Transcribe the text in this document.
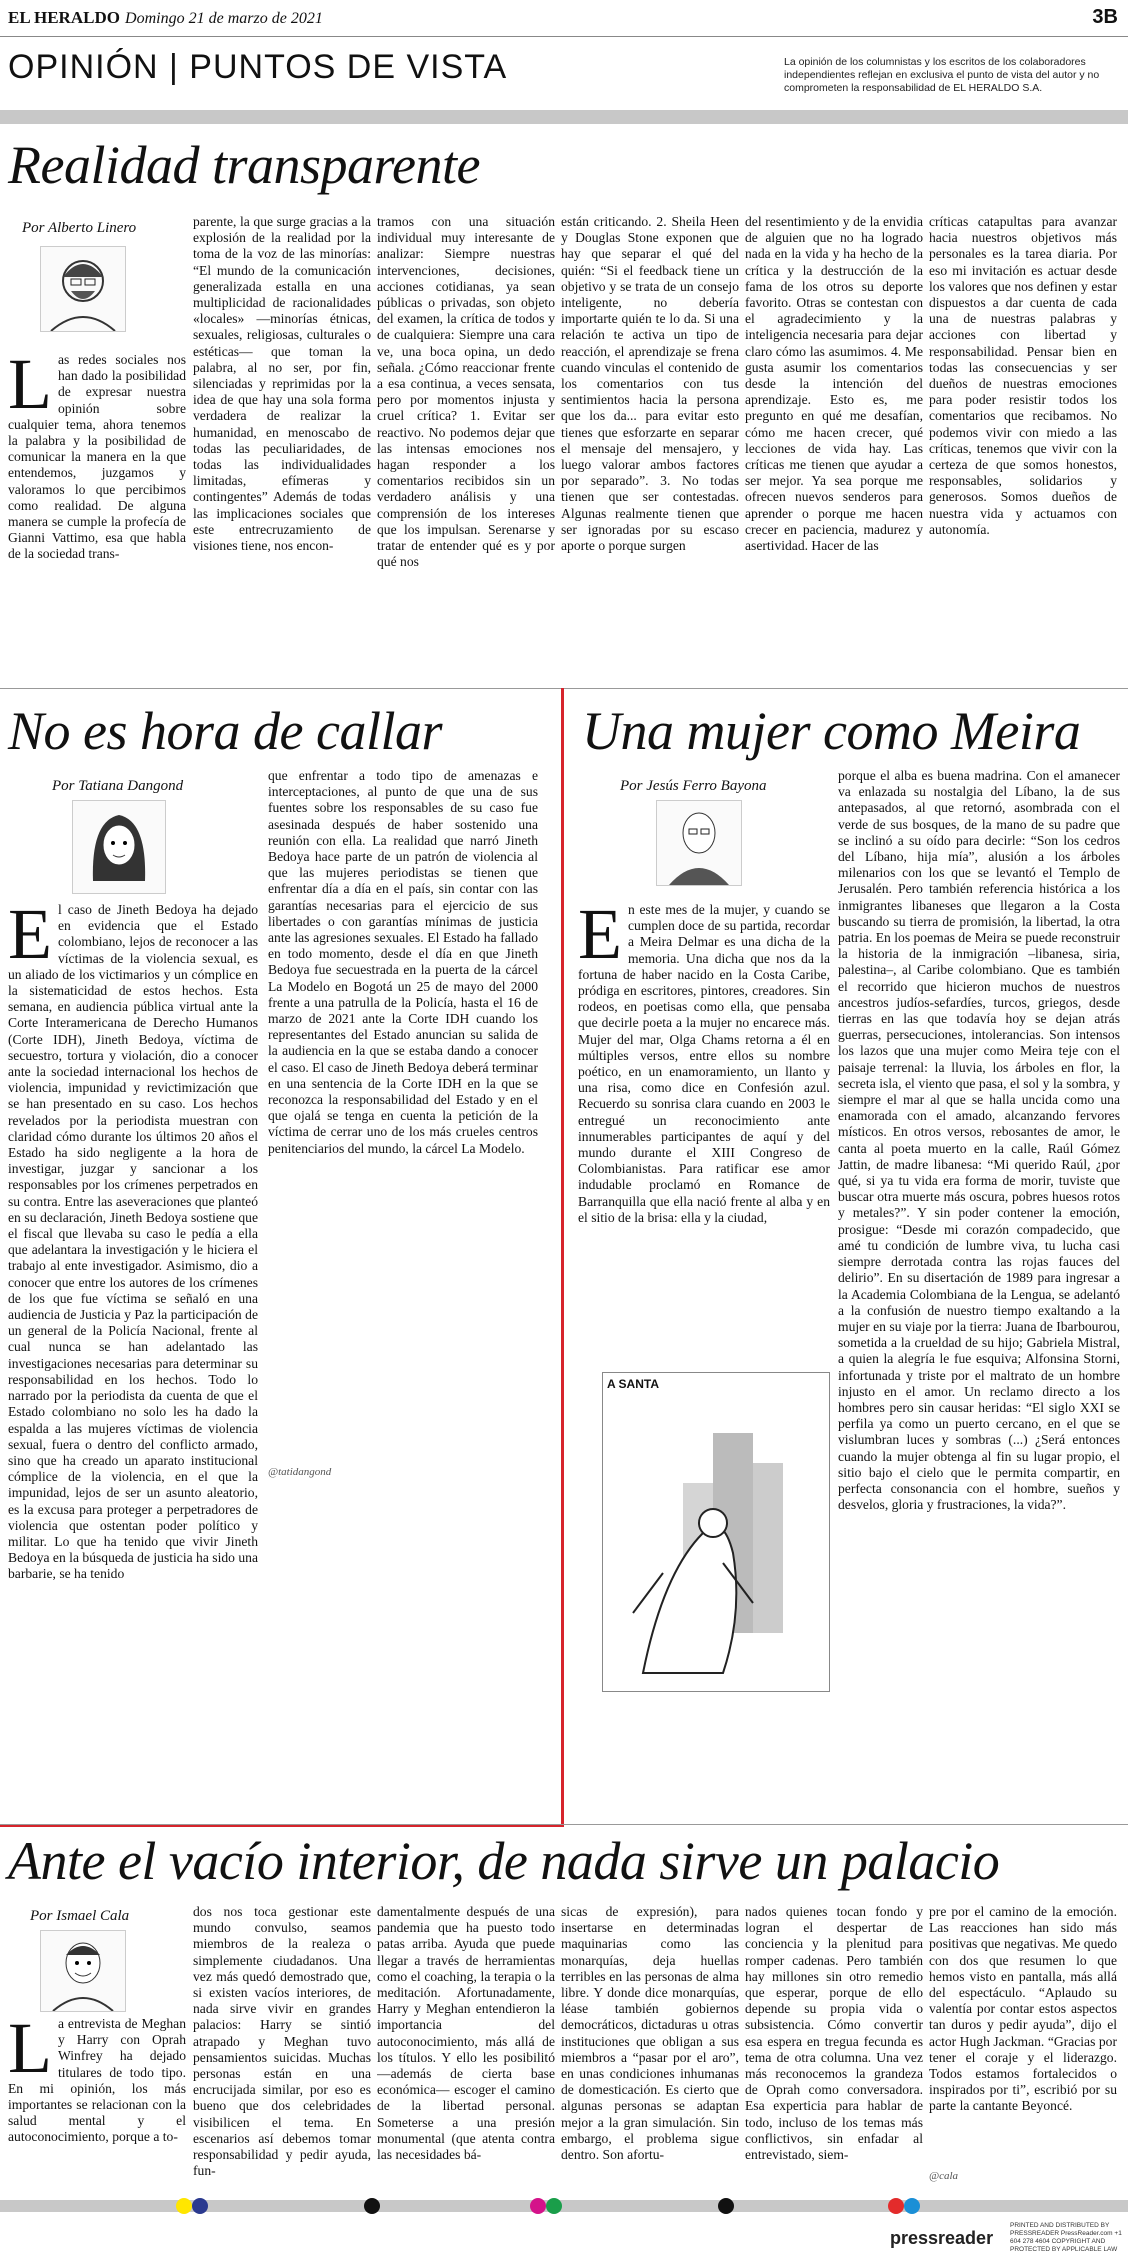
EL HERALDO Domingo 21 de marzo de 2021	3B
OPINIÓN | PUNTOS DE VISTA	La opinión de los columnistas y los escritos de los colaboradores independientes reflejan en exclusiva el punto de vista del autor y no comprometen la responsabilidad de EL HERALDO S.A.
Realidad transparente
Por Alberto Linero
Las redes sociales nos han dado la posibilidad de expresar nuestra opinión sobre cualquier tema, ahora tenemos la palabra y la posibilidad de comunicar la manera en la que entendemos, juzgamos y valoramos lo que percibimos como realidad. De alguna manera se cumple la profecía de Gianni Vattimo, esa que habla de la sociedad trans-
parente, la que surge gracias a la explosión de la realidad por la toma de la voz de las minorías: “El mundo de la comunicación generalizada estalla en una multiplicidad de racionalidades «locales» —minorías étnicas, sexuales, religiosas, culturales o estéticas— que toman la palabra, al no ser, por fin, silenciadas y reprimidas por la idea de que hay una sola forma verdadera de realizar la humanidad, en menoscabo de todas las peculiaridades, de todas las individualidades limitadas, efímeras y contingentes” Además de todas las implicaciones sociales que este entrecruzamiento de visiones tiene, nos encon-
tramos con una situación individual muy interesante de analizar: Siempre nuestras intervenciones, decisiones, acciones cotidianas, ya sean públicas o privadas, son objeto del examen, la crítica de todos y de cualquiera: Siempre una cara ve, una boca opina, un dedo señala. ¿Cómo reaccionar frente a esa continua, a veces sensata, pero por momentos injusta y cruel crítica? 1. Evitar ser reactivo. No podemos dejar que las intensas emociones nos hagan responder a los comentarios recibidos sin un verdadero análisis y una comprensión de los intereses que los impulsan. Serenarse y tratar de entender qué es y por qué nos
están criticando. 2. Sheila Heen y Douglas Stone exponen que hay que separar el qué del quién: “Si el feedback tiene un objetivo y se trata de un consejo inteligente, no debería importarte quién te lo da. Si una relación te activa un tipo de reacción, el aprendizaje se frena cuando vinculas el contenido de los comentarios con tus sentimientos hacia la persona que los da... para evitar esto tienes que esforzarte en separar el mensaje del mensajero, y luego valorar ambos factores por separado”. 3. No todas tienen que ser contestadas. Algunas realmente tienen que ser ignoradas por su escaso aporte o porque surgen
del resentimiento y de la envidia de alguien que no ha logrado nada en la vida y ha hecho de la crítica y la destrucción de la fama de los otros su deporte favorito. Otras se contestan con el agradecimiento y la inteligencia necesaria para dejar claro cómo las asumimos. 4. Me gusta asumir los comentarios desde la intención del aprendizaje. Esto es, me pregunto en qué me desafían, cómo me hacen crecer, qué lecciones de vida hay. Las críticas me tienen que ayudar a ser mejor. Ya sea porque me ofrecen nuevos senderos para aprender o porque me hacen crecer en paciencia, madurez y asertividad. Hacer de las
críticas catapultas para avanzar hacia nuestros objetivos más personales es la tarea diaria. Por eso mi invitación es actuar desde los valores que nos definen y estar dispuestos a dar cuenta de cada una de nuestras palabras y acciones con libertad y responsabilidad. Pensar bien en todas las consecuencias y ser dueños de nuestras emociones para poder resistir todos los comentarios que recibamos. No podemos vivir con miedo a las críticas, tenemos que vivir con la certeza de que somos honestos, responsables, solidarios y generosos. Somos dueños de nuestra vida y actuamos con autonomía.
No es hora de callar
Por Tatiana Dangond
El caso de Jineth Bedoya ha dejado en evidencia que el Estado colombiano, lejos de reconocer a las víctimas de la violencia sexual, es un aliado de los victimarios y un cómplice en la sistematicidad de estos hechos. Esta semana, en audiencia pública virtual ante la Corte Interamericana de Derecho Humanos (Corte IDH), Jineth Bedoya, víctima de secuestro, tortura y violación, dio a conocer ante la sociedad internacional los hechos de violencia, impunidad y revictimización que se han presentado en su caso. Los hechos revelados por la periodista muestran con claridad cómo durante los últimos 20 años el Estado ha sido negligente a la hora de investigar, juzgar y sancionar a los responsables por los crímenes perpetrados en su contra. Entre las aseveraciones que planteó en su declaración, Jineth Bedoya sostiene que el fiscal que llevaba su caso le pedía a ella que adelantara la investigación y le hiciera el trabajo al ente investigador. Asimismo, dio a conocer que entre los autores de los crímenes de los que fue víctima se señaló en una audiencia de Justicia y Paz la participación de un general de la Policía Nacional, frente al cual nunca se han adelantado las investigaciones necesarias para determinar su responsabilidad en los hechos. Todo lo narrado por la periodista da cuenta de que el Estado colombiano no solo les ha dado la espalda a las mujeres víctimas de violencia sexual, fuera o dentro del conflicto armado, sino que ha creado un aparato institucional cómplice de la violencia, en el que la impunidad, lejos de ser un asunto aleatorio, es la excusa para proteger a perpetradores de violencia que ostentan poder político y militar. Lo que ha tenido que vivir Jineth Bedoya en la búsqueda de justicia ha sido una barbarie, se ha tenido
que enfrentar a todo tipo de amenazas e interceptaciones, al punto de que una de sus fuentes sobre los responsables de su caso fue asesinada después de haber sostenido una reunión con ella. La realidad que narró Jineth Bedoya hace parte de un patrón de violencia al que las mujeres periodistas se tienen que enfrentar día a día en el país, sin contar con las garantías necesarias para el ejercicio de sus libertades o con garantías mínimas de justicia ante las agresiones sexuales. El Estado ha fallado en todo momento, desde el día en que Jineth Bedoya fue secuestrada en la puerta de la cárcel La Modelo en Bogotá un 25 de mayo del 2000 frente a una patrulla de la Policía, hasta el 16 de marzo de 2021 ante la Corte IDH cuando los representantes del Estado anuncian su salida de la audiencia en la que se estaba dando a conocer el caso. El caso de Jineth Bedoya deberá terminar en una sentencia de la Corte IDH en la que se reconozca la responsabilidad del Estado y en el que ojalá se tenga en cuenta la petición de la víctima de cerrar uno de los más crueles centros penitenciarios del mundo, la cárcel La Modelo.
@tatidangond
Una mujer como Meira
Por Jesús Ferro Bayona
En este mes de la mujer, y cuando se cumplen doce de su partida, recordar a Meira Delmar es una dicha de la memoria. Una dicha que nos da la fortuna de haber nacido en la Costa Caribe, pródiga en escritores, pintores, creadores. Sin rodeos, en poetisas como ella, que pensaba que decirle poeta a la mujer no encarece más. Mujer del mar, Olga Chams retorna a él en múltiples versos, entre ellos su nombre poético, en un enamoramiento, un llanto y una risa, como dice en Confesión azul. Recuerdo su sonrisa clara cuando en 2003 le entregué un reconocimiento ante innumerables participantes de aquí y del mundo durante el XIII Congreso de Colombianistas. Para ratificar ese amor indudable proclamó en Romance de Barranquilla que ella nació frente al alba y en el sitio de la brisa: ella y la ciudad,
porque el alba es buena madrina. Con el amanecer va enlazada su nostalgia del Líbano, la de sus antepasados, al que retornó, asombrada con el verde de sus bosques, de la mano de su padre que se inclinó a su oído para decirle: “Son los cedros del Líbano, hija mía”, alusión a los árboles milenarios con los que se levantó el Templo de Jerusalén. Pero también referencia histórica a los inmigrantes libaneses que llegaron a la Costa buscando su tierra de promisión, la libertad, la otra patria. En los poemas de Meira se puede reconstruir la historia de la inmigración –libanesa, siria, palestina–, al Caribe colombiano. Que es también el recorrido que hicieron muchos de nuestros ancestros judíos-sefardíes, turcos, griegos, desde tierras en las que todavía hoy se dejan atrás guerras, persecuciones, intolerancias. Son intensos los lazos que una mujer como Meira teje con el paisaje terrenal: la lluvia, los árboles en flor, la secreta isla, el viento que pasa, el sol y la sombra, y siempre el mar al que se halla uncida como una enamorada con el amado, alcanzando fervores místicos. En otros versos, rebosantes de amor, le canta al poeta muerto en la calle, Raúl Gómez Jattin, de madre libanesa: “Mi querido Raúl, ¿por qué, si ya tu vida era forma de morir, tuviste que buscar otra muerte más oscura, pobres huesos rotos y metales?”. Y sin poder contener la emoción, prosigue: “Desde mi corazón compadecido, que amé tu condición de lumbre viva, tu lucha casi siempre derrotada contra las rojas fauces del delirio”. En su disertación de 1989 para ingresar a la Academia Colombiana de la Lengua, se adelantó a la confusión de nuestro tiempo exaltando a la mujer en su viaje por la tierra: Juana de Ibarbourou, sometida a la crueldad de su hijo; Gabriela Mistral, a quien la alegría le fue esquiva; Alfonsina Storni, infortunada y triste por el maltrato de un hombre injusto en el amor. Un reclamo directo a los hombres pero sin causar heridas: “El siglo XXI se perfila ya como un puerto cercano, en el que se vislumbran luces y sombras (...) ¿Será entonces cuando la mujer obtenga al fin su lugar propio, el sitio bajo el cielo que le permita compartir, en perfecta consonancia con el hombre, sueños y desvelos, gloria y frustraciones, la vida?”.
A SANTA
Ante el vacío interior, de nada sirve un palacio
Por Ismael Cala
La entrevista de Meghan y Harry con Oprah Winfrey ha dejado titulares de todo tipo. En mi opinión, los más importantes se relacionan con la salud mental y el autoconocimiento, porque a to-
dos nos toca gestionar este mundo convulso, seamos miembros de la realeza o simplemente ciudadanos. Una vez más quedó demostrado que, si existen vacíos interiores, de nada sirve vivir en grandes palacios: Harry se sintió atrapado y Meghan tuvo pensamientos suicidas. Muchas personas están en una encrucijada similar, por eso es bueno que dos celebridades visibilicen el tema. En escenarios así debemos tomar responsabilidad y pedir ayuda, fun-
damentalmente después de una pandemia que ha puesto todo patas arriba. Ayuda que puede llegar a través de herramientas como el coaching, la terapia o la meditación. Afortunadamente, Harry y Meghan entendieron la importancia del autoconocimiento, más allá de los títulos. Y ello les posibilitó —además de cierta base económica— escoger el camino de la libertad personal. Someterse a una presión monumental (que atenta contra las necesidades bá-
sicas de expresión), para insertarse en determinadas maquinarias como las monarquías, deja huellas terribles en las personas de alma libre. Y donde dice monarquías, léase también gobiernos democráticos, dictaduras u otras instituciones que obligan a sus miembros a “pasar por el aro”, en unas condiciones inhumanas de domesticación. Es cierto que algunas personas se adaptan mejor a la gran simulación. Sin embargo, el problema sigue dentro. Son afortu-
nados quienes tocan fondo y logran el despertar de conciencia y la plenitud para romper cadenas. Pero también hay millones sin otro remedio que esperar, porque de ello depende su propia vida o subsistencia. Cómo convertir esa espera en tregua fecunda es tema de otra columna. Una vez más reconocemos la grandeza de Oprah como conversadora. Esa experticia para hablar de todo, incluso de los temas más conflictivos, sin enfadar al entrevistado, siem-
pre por el camino de la emoción. Las reacciones han sido más positivas que negativas. Me quedo con dos que resumen lo que hemos visto en pantalla, más allá del espectáculo. “Aplaudo su valentía por contar estos aspectos tan duros y pedir ayuda”, dijo el actor Hugh Jackman. “Gracias por tener el coraje y el liderazgo. Todos estamos fortalecidos o inspirados por ti”, escribió por su parte la cantante Beyoncé.
@cala
pressreader
PRINTED AND DISTRIBUTED BY PRESSREADER PressReader.com +1 604 278 4604 COPYRIGHT AND PROTECTED BY APPLICABLE LAW
